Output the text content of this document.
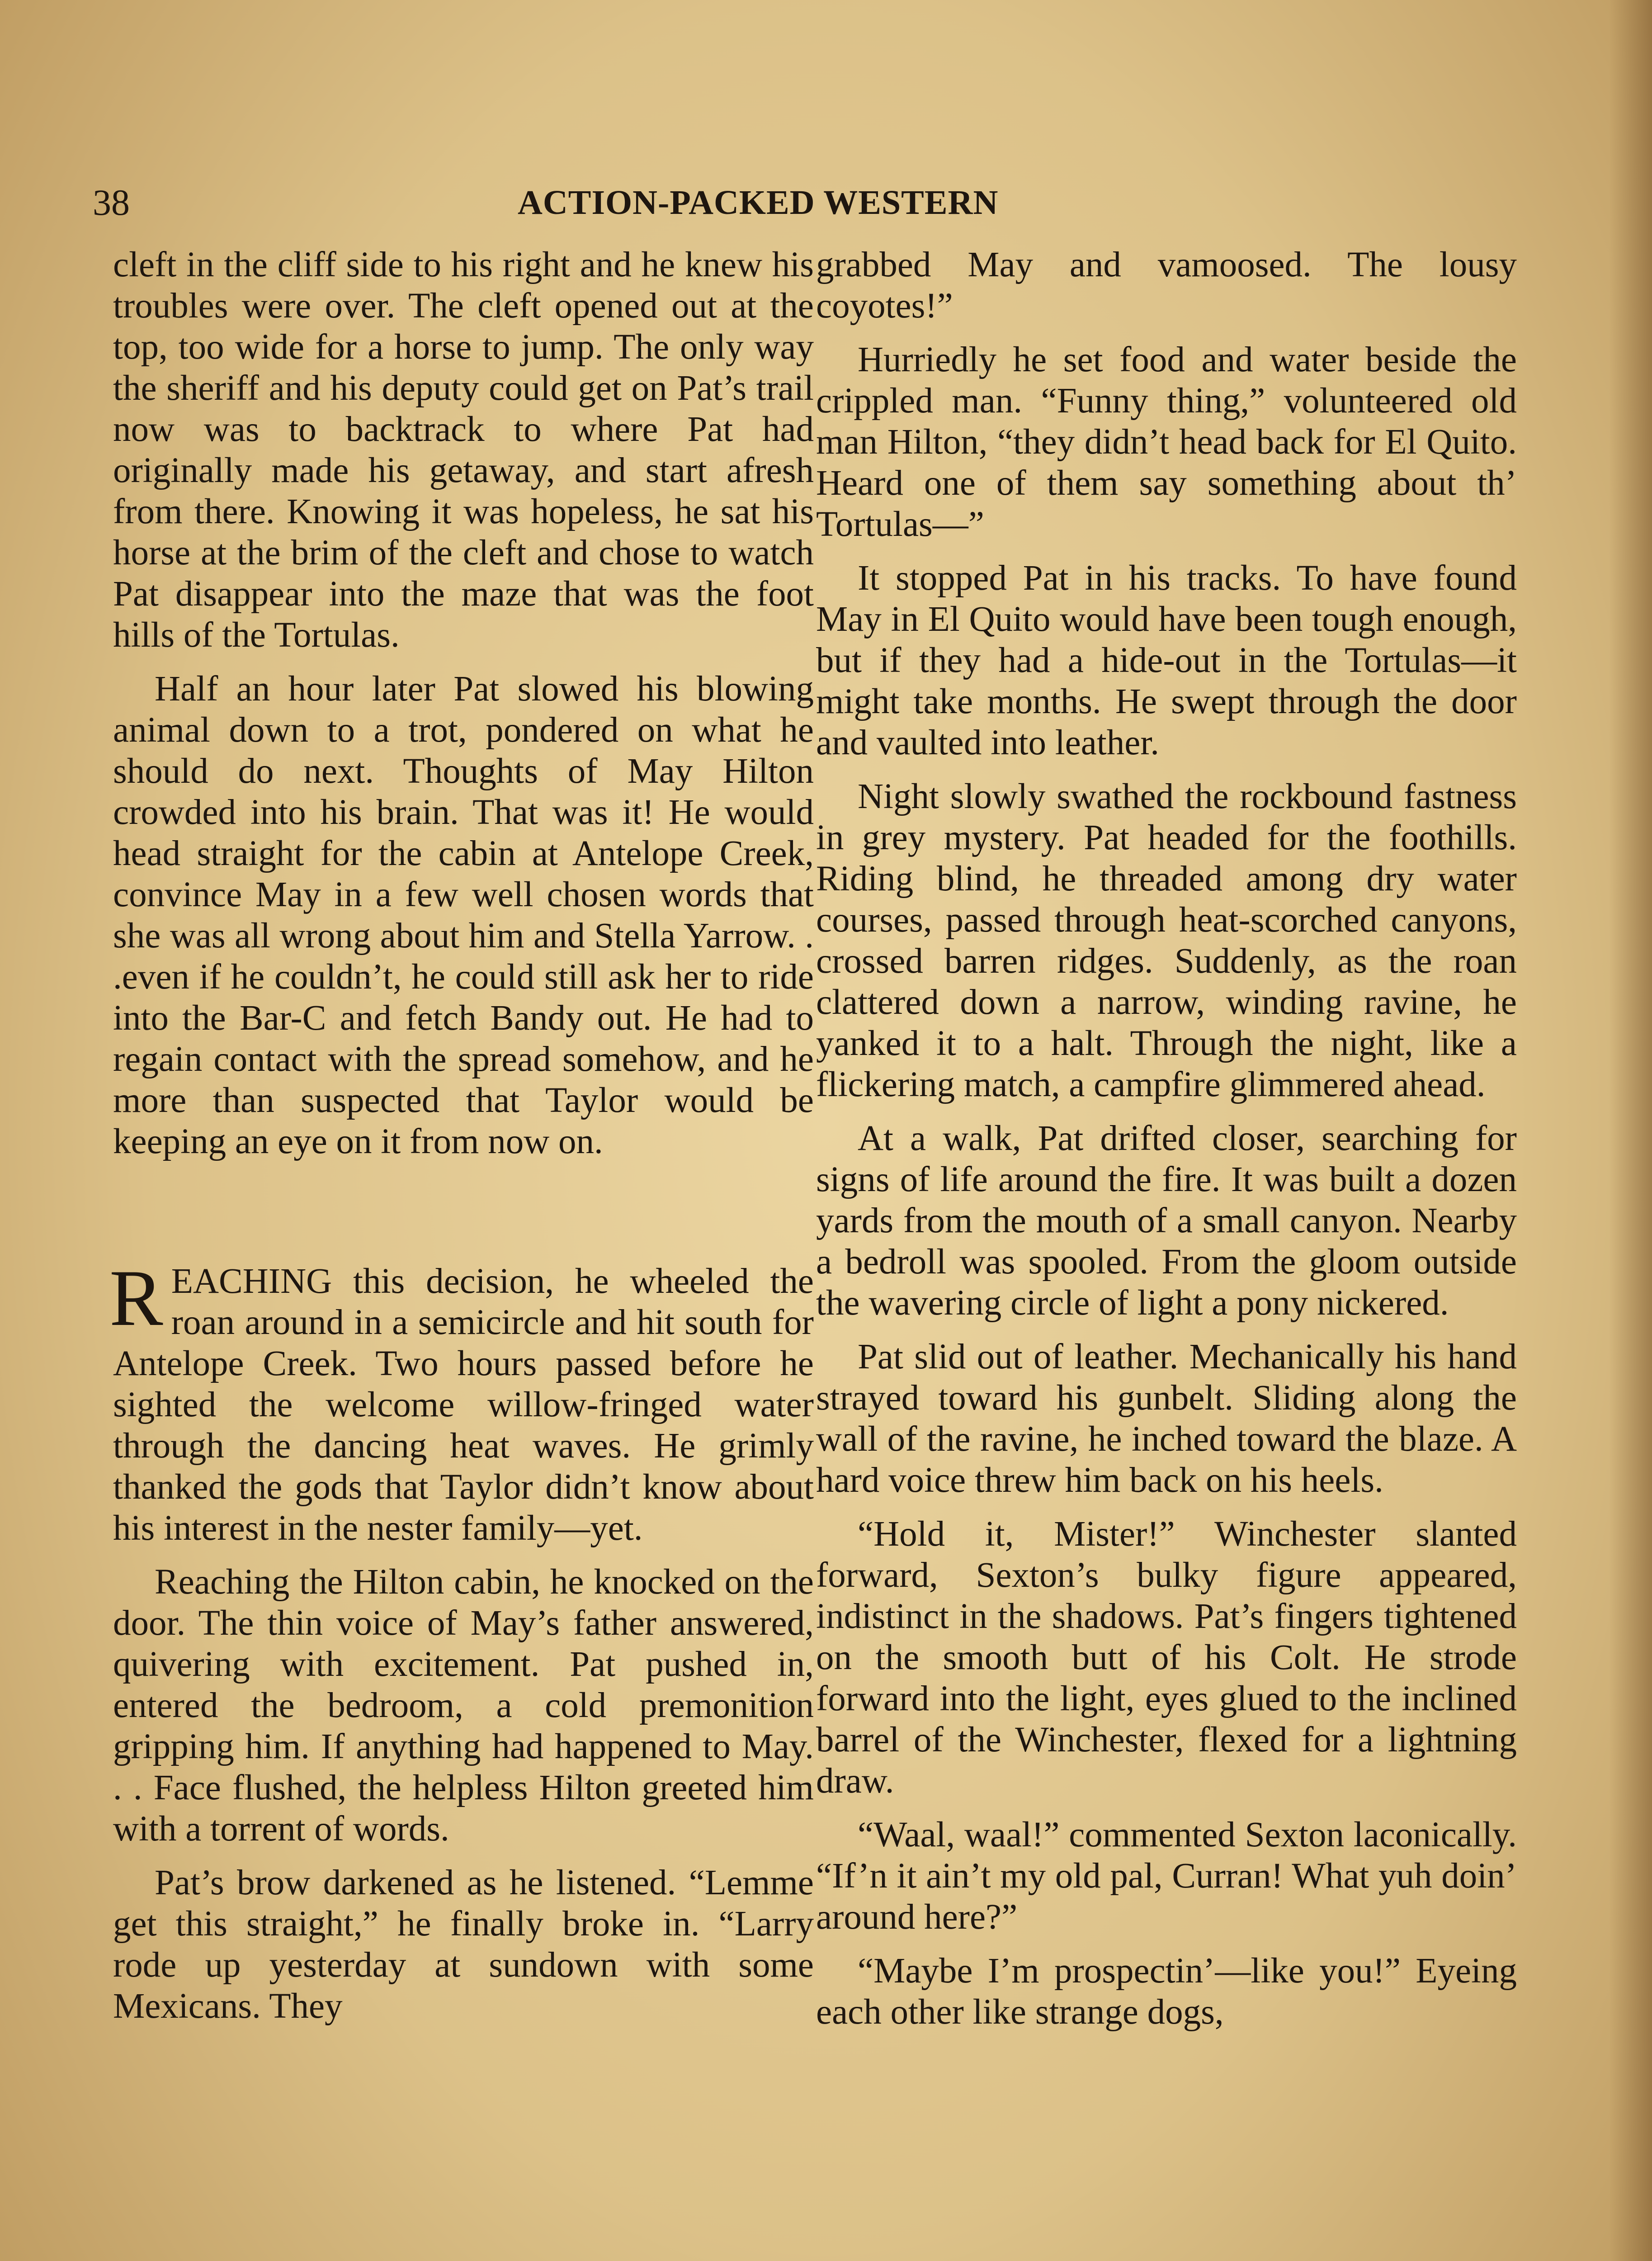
38	ACTION-PACKED WESTERN

cleft in the cliff side to his right and he knew his troubles were over. The cleft opened out at the top, too wide for a horse to jump. The only way the sheriff and his deputy could get on Pat’s trail now was to backtrack to where Pat had originally made his getaway, and start afresh from there. Knowing it was hopeless, he sat his horse at the brim of the cleft and chose to watch Pat disappear into the maze that was the foot hills of the Tortulas.

Half an hour later Pat slowed his blowing animal down to a trot, pondered on what he should do next. Thoughts of May Hilton crowded into his brain. That was it! He would head straight for the cabin at Antelope Creek, convince May in a few well chosen words that she was all wrong about him and Stella Yarrow. . .even if he couldn’t, he could still ask her to ride into the Bar-C and fetch Bandy out. He had to regain contact with the spread somehow, and he more than suspected that Taylor would be keeping an eye on it from now on.

R EACHING this decision, he wheeled the roan around in a semicircle and hit south for Antelope Creek. Two hours passed before he sighted the welcome willow-fringed water through the dancing heat waves. He grimly thanked the gods that Taylor didn’t know about his interest in the nester family—yet.

Reaching the Hilton cabin, he knocked on the door. The thin voice of May’s father answered, quivering with excitement. Pat pushed in, entered the bedroom, a cold premonition gripping him. If anything had happened to May. . . Face flushed, the helpless Hilton greeted him with a torrent of words.

Pat’s brow darkened as he listened. “Lemme get this straight,” he finally broke in. “Larry rode up yesterday at sundown with some Mexicans. They

grabbed May and vamoosed. The lousy coyotes!”

Hurriedly he set food and water beside the crippled man. “Funny thing,” volunteered old man Hilton, “they didn’t head back for El Quito. Heard one of them say something about th’ Tortulas—”

It stopped Pat in his tracks. To have found May in El Quito would have been tough enough, but if they had a hide-out in the Tortulas—it might take months. He swept through the door and vaulted into leather.

Night slowly swathed the rockbound fastness in grey mystery. Pat headed for the foothills. Riding blind, he threaded among dry water courses, passed through heat-scorched canyons, crossed barren ridges. Suddenly, as the roan clattered down a narrow, winding ravine, he yanked it to a halt. Through the night, like a flickering match, a campfire glimmered ahead.

At a walk, Pat drifted closer, searching for signs of life around the fire. It was built a dozen yards from the mouth of a small canyon. Nearby a bedroll was spooled. From the gloom outside the wavering circle of light a pony nickered.

Pat slid out of leather. Mechanically his hand strayed toward his gunbelt. Sliding along the wall of the ravine, he inched toward the blaze. A hard voice threw him back on his heels.

“Hold it, Mister!” Winchester slanted forward, Sexton’s bulky figure appeared, indistinct in the shadows. Pat’s fingers tightened on the smooth butt of his Colt. He strode forward into the light, eyes glued to the inclined barrel of the Winchester, flexed for a lightning draw.

“Waal, waal!” commented Sexton laconically. “If’n it ain’t my old pal, Curran! What yuh doin’ around here?”

“Maybe I’m prospectin’—like you!” Eyeing each other like strange dogs,
